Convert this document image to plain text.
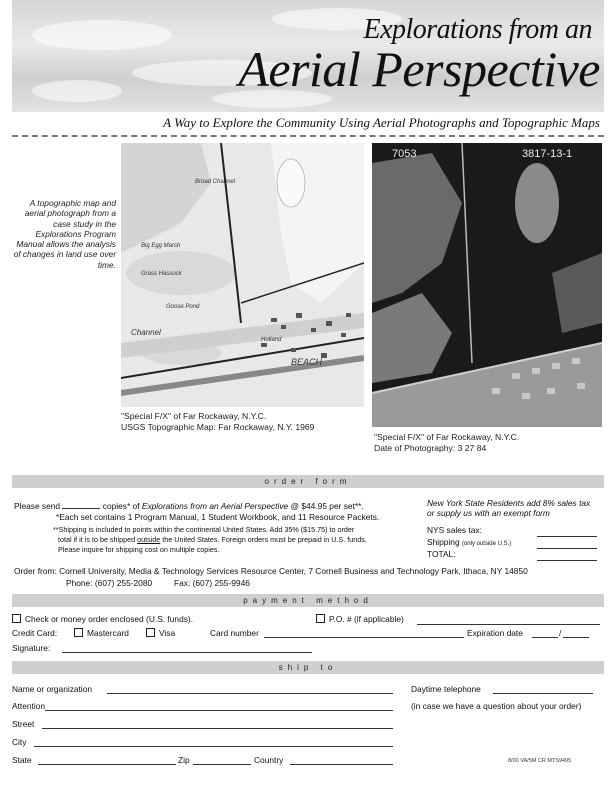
Explorations from an
Aerial Perspective
A Way to Explore the Community Using Aerial Photographs and Topographic Maps
A topographic map and aerial photograph from a case study in the Explorations Program Manual allows the analysis of changes in land use over time.
Broad Channel
Big Egg Marsh
Grass Hassock
Goose Pond
Channel
Holland
BEACH
"Special F/X" of Far Rockaway, N.Y.C.
USGS Topographic Map: Far Rockaway, N.Y. 1969
7053	3817-13-1
"Special F/X" of Far Rockaway, N.Y.C.
Date of Photography: 3 27 84
order form
Please send	copies* of Explorations from an Aerial Perspective @ $44.95 per set**.
*Each set contains 1 Program Manual, 1 Student Workbook, and 11 Resource Packets.
**Shipping is included to points within the continental United States. Add 35% ($15.75) to order
total if it is to be shipped outside the United States. Foreign orders must be prepaid in U.S. funds.
Please inquire for shipping cost on multiple copies.
New York State Residents add 8% sales tax
or supply us with an exempt form
NYS sales tax:
Shipping (only outside U.S.)
TOTAL:
Order from: Cornell University, Media & Technology Services Resource Center, 7 Cornell Business and Technology Park, Ithaca, NY 14850
Phone: (607) 255-2080	Fax: (607) 255-9946
payment method
Check or money order enclosed (U.S. funds).	P.O. # (if applicable)
Credit Card:	Mastercard	Visa	Card number	Expiration date	/
Signature:
ship to
Name or organization	Daytime telephone
Attention	(in case we have a question about your order)
Street
City
State	Zip	Country	8/00 VA/5M CR MTS9495
